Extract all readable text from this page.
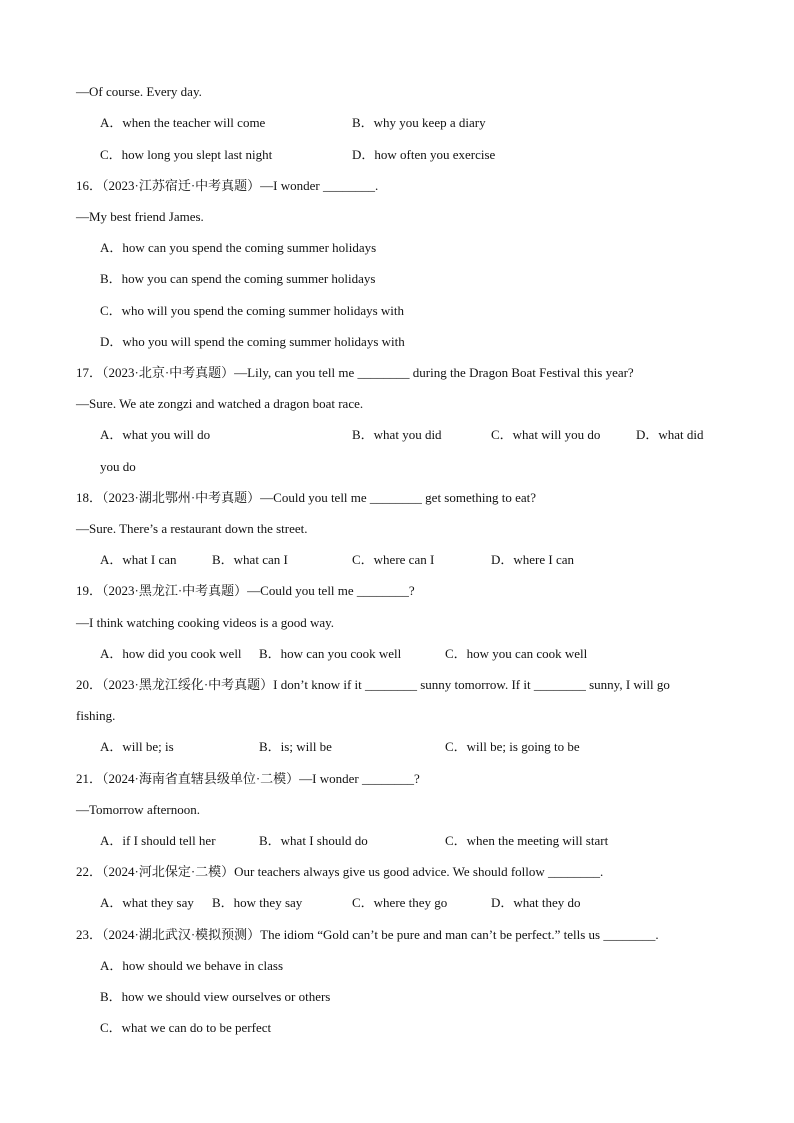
—Of course. Every day.
A．when the teacher will come	B．why you keep a diary
C．how long you slept last night	D．how often you exercise
16．（2023·江苏宿迁·中考真题）—I wonder ________.
—My best friend James.
A．how can you spend the coming summer holidays
B．how you can spend the coming summer holidays
C．who will you spend the coming summer holidays with
D．who you will spend the coming summer holidays with
17．（2023·北京·中考真题）—Lily, can you tell me ________ during the Dragon Boat Festival this year?
—Sure. We ate zongzi and watched a dragon boat race.
A．what you will do	B．what you did	C．what will you do	D．what did
you do
18．（2023·湖北鄂州·中考真题）—Could you tell me ________ get something to eat?
—Sure. There’s a restaurant down the street.
A．what I can	B．what can I	C．where can I	D．where I can
19．（2023·黑龙江·中考真题）—Could you tell me ________?
—I think watching cooking videos is a good way.
A．how did you cook well B．how can you cook well	C．how you can cook well
20．（2023·黑龙江绥化·中考真题）I don’t know if it ________ sunny tomorrow. If it ________ sunny, I will go
fishing.
A．will be; is	B．is; will be	C．will be; is going to be
21．（2024·海南省直辖县级单位·二模）—I wonder ________?
—Tomorrow afternoon.
A．if I should tell her	B．what I should do	C．when the meeting will start
22．（2024·河北保定·二模）Our teachers always give us good advice. We should follow ________.
A．what they say B．how they say	C．where they go	D．what they do
23．（2024·湖北武汉·模拟预测）The idiom “Gold can’t be pure and man can’t be perfect.” tells us ________.
A．how should we behave in class
B．how we should view ourselves or others
C．what we can do to be perfect
